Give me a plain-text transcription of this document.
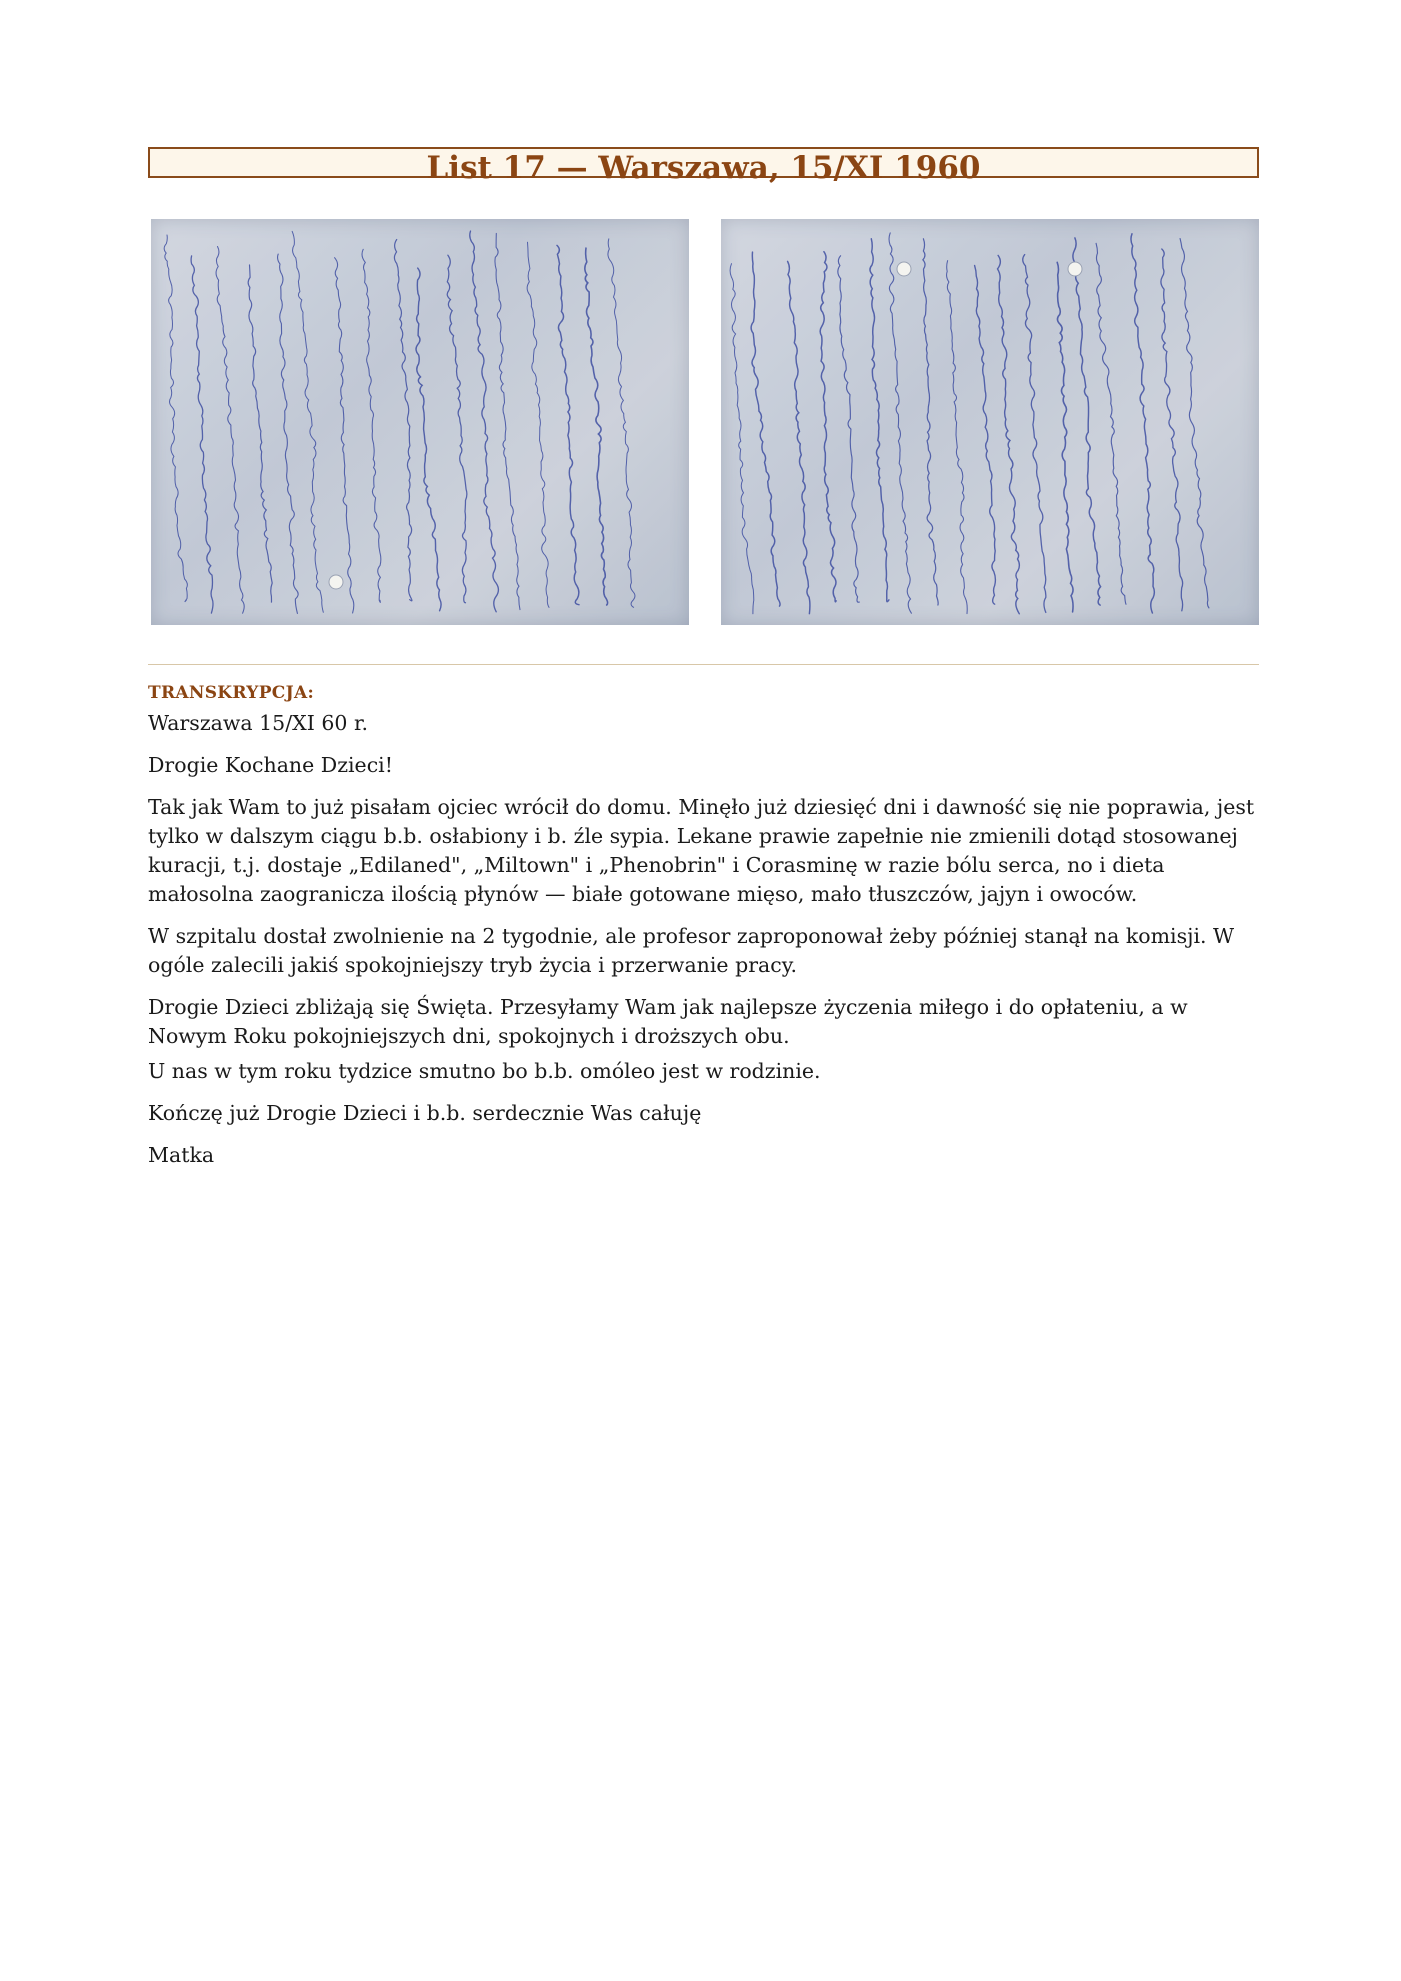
List 17 — Warszawa, 15/XI 1960
TRANSKRYPCJA:

Warszawa 15/XI 60 r.

Drogie Kochane Dzieci!

Tak jak Wam to już pisałam ojciec wrócił do domu. Minęło już dziesięć dni i dawność się nie poprawia, jest tylko w dalszym ciągu b.b. osłabiony i b. źle sypia. Lekane prawie zapełnie nie zmienili dotąd stosowanej kuracji, t.j. dostaje „Edilaned", „Miltown" i „Phenobrin" i Corasminę w razie bólu serca, no i dieta małosolna zaogranicza ilością płynów — białe gotowane mięso, mało tłuszczów, jajyn i owoców.

W szpitalu dostał zwolnienie na 2 tygodnie, ale profesor zaproponował żeby później stanął na komisji. W ogóle zalecili jakiś spokojniejszy tryb życia i przerwanie pracy.

Drogie Dzieci zbliżają się Święta. Przesyłamy Wam jak najlepsze życzenia miłego i do opłateniu, a w Nowym Roku pokojniejszych dni, spokojnych i droższych obu.

U nas w tym roku tydzice smutno bo b.b. omóleo jest w rodzinie.

Kończę już Drogie Dzieci i b.b. serdecznie Was całuję

Matka
